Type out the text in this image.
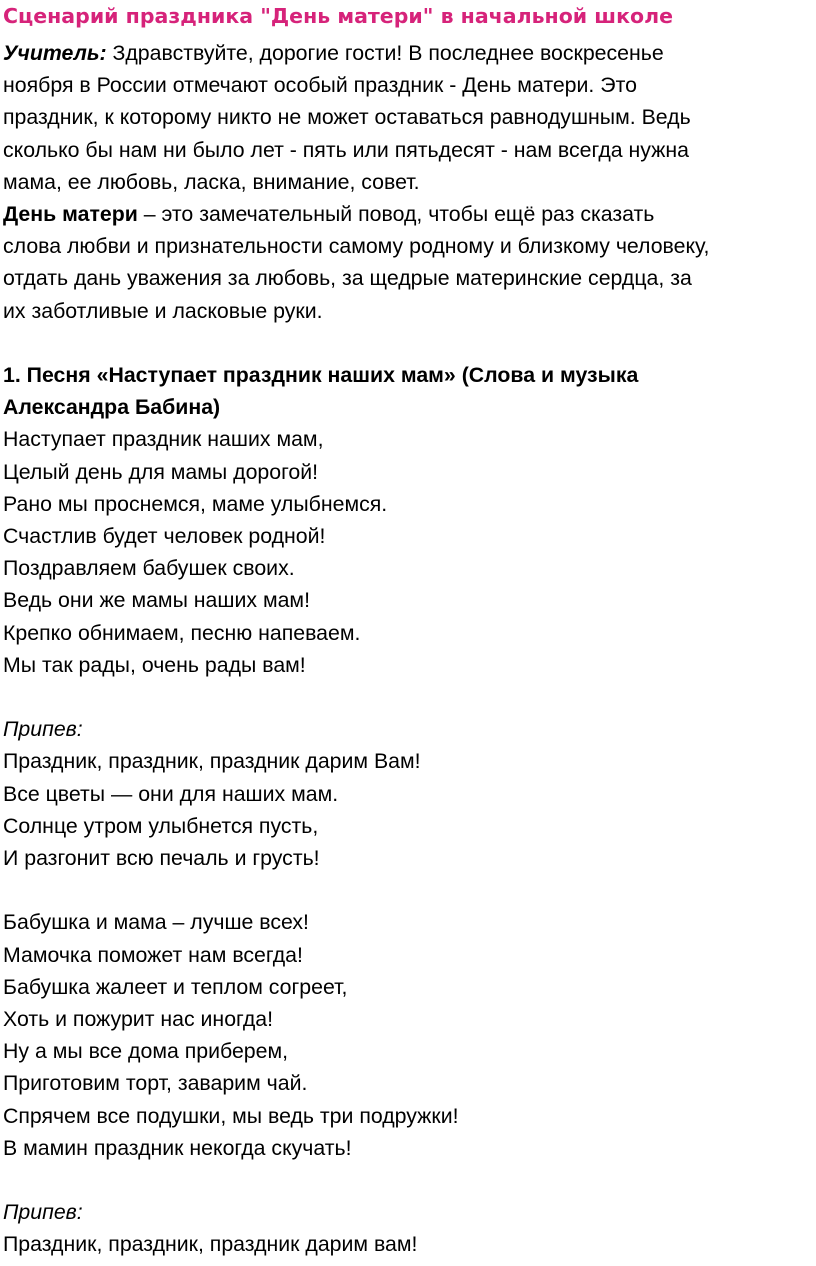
Сценарий праздника "День матери" в начальной школе

Учитель: Здравствуйте, дорогие гости! В последнее воскресенье
ноября в России отмечают особый праздник - День матери. Это
праздник, к которому никто не может оставаться равнодушным. Ведь
сколько бы нам ни было лет - пять или пятьдесят - нам всегда нужна
мама, ее любовь, ласка, внимание, совет.

День матери – это замечательный повод, чтобы ещё раз сказать
слова любви и признательности самому родному и близкому человеку,
отдать дань уважения за любовь, за щедрые материнские сердца, за
их заботливые и ласковые руки.

1. Песня «Наступает праздник наших мам» (Слова и музыка
Александра Бабина)

Наступает праздник наших мам,
Целый день для мамы дорогой!
Рано мы проснемся, маме улыбнемся.
Счастлив будет человек родной!
Поздравляем бабушек своих.
Ведь они же мамы наших мам!
Крепко обнимаем, песню напеваем.
Мы так рады, очень рады вам!

Припев:
Праздник, праздник, праздник дарим Вам!
Все цветы — они для наших мам.
Солнце утром улыбнется пусть,
И разгонит всю печаль и грусть!

Бабушка и мама – лучше всех!
Мамочка поможет нам всегда!
Бабушка жалеет и теплом согреет,
Хоть и пожурит нас иногда!
Ну а мы все дома приберем,
Приготовим торт, заварим чай.
Спрячем все подушки, мы ведь три подружки!
В мамин праздник некогда скучать!

Припев:
Праздник, праздник, праздник дарим вам!
